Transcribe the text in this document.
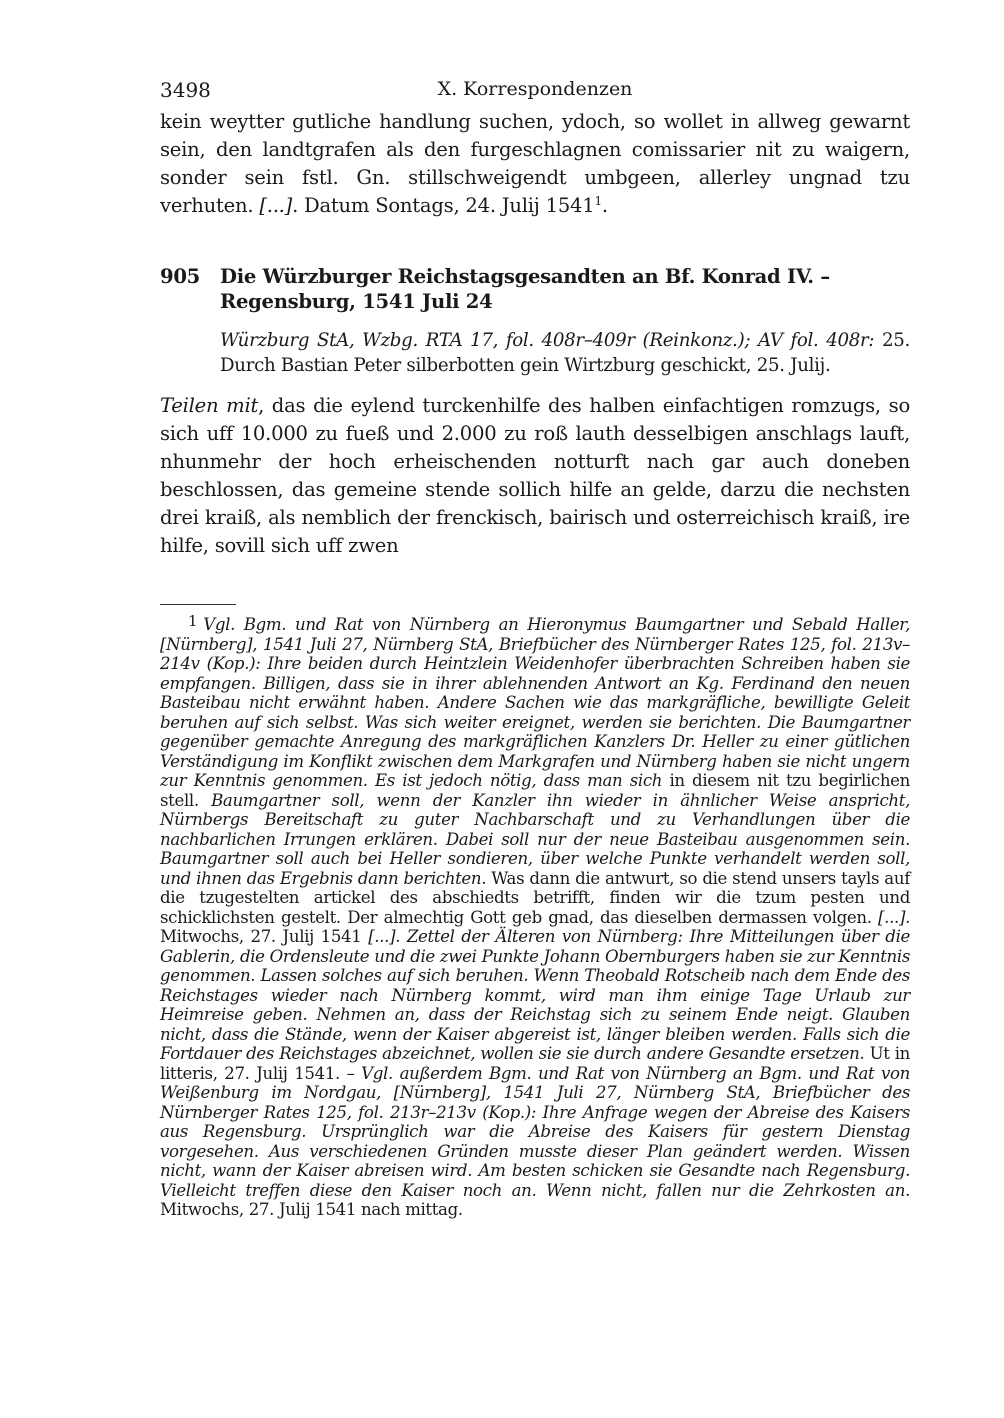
3498	X. Korrespondenzen

kein weytter gutliche handlung suchen, ydoch, so wollet in allweg gewarnt sein, den landtgrafen als den furgeschlagnen comissarier nit zu waigern, sonder sein fstl. Gn. stillschweigendt umbgeen, allerley ungnad tzu verhuten. [...]. Datum Sontags, 24. Julij 1541$^1$.

905 Die Würzburger Reichstagsgesandten an Bf. Konrad IV. – Regensburg, 1541 Juli 24

Würzburg StA, Wzbg. RTA 17, fol. 408r–409r (Reinkonz.); AV fol. 408r: 25. Durch Bastian Peter silberbotten gein Wirtzburg geschickt, 25. Julij.

Teilen mit, das die eylend turckenhilfe des halben einfachtigen romzugs, so sich uff 10.000 zu fueß und 2.000 zu roß lauth desselbigen anschlags lauft, nhunmehr der hoch erheischenden notturft nach gar auch doneben beschlossen, das gemeine stende sollich hilfe an gelde, darzu die nechsten drei kraiß, als nemblich der frenckisch, bairisch und osterreichisch kraiß, ire hilfe, sovill sich uff zwen

1 Vgl. Bgm. und Rat von Nürnberg an Hieronymus Baumgartner und Sebald Haller, [Nürnberg], 1541 Juli 27, Nürnberg StA, Briefbücher des Nürnberger Rates 125, fol. 213v–214v (Kop.): Ihre beiden durch Heintzlein Weidenhofer überbrachten Schreiben haben sie empfangen. Billigen, dass sie in ihrer ablehnenden Antwort an Kg. Ferdinand den neuen Basteibau nicht erwähnt haben. Andere Sachen wie das markgräfliche, bewilligte Geleit beruhen auf sich selbst. Was sich weiter ereignet, werden sie berichten. Die Baumgartner gegenüber gemachte Anregung des markgräflichen Kanzlers Dr. Heller zu einer gütlichen Verständigung im Konflikt zwischen dem Markgrafen und Nürnberg haben sie nicht ungern zur Kenntnis genommen. Es ist jedoch nötig, dass man sich in diesem nit tzu begirlichen stell. Baumgartner soll, wenn der Kanzler ihn wieder in ähnlicher Weise anspricht, Nürnbergs Bereitschaft zu guter Nachbarschaft und zu Verhandlungen über die nachbarlichen Irrungen erklären. Dabei soll nur der neue Basteibau ausgenommen sein. Baumgartner soll auch bei Heller sondieren, über welche Punkte verhandelt werden soll, und ihnen das Ergebnis dann berichten. Was dann die antwurt, so die stend unsers tayls auf die tzugestelten artickel des abschiedts betrifft, finden wir die tzum pesten und schicklichsten gestelt. Der almechtig Gott geb gnad, das dieselben dermassen volgen. [...]. Mitwochs, 27. Julij 1541 [...]. Zettel der Älteren von Nürnberg: Ihre Mitteilungen über die Gablerin, die Ordensleute und die zwei Punkte Johann Obernburgers haben sie zur Kenntnis genommen. Lassen solches auf sich beruhen. Wenn Theobald Rotscheib nach dem Ende des Reichstages wieder nach Nürnberg kommt, wird man ihm einige Tage Urlaub zur Heimreise geben. Nehmen an, dass der Reichstag sich zu seinem Ende neigt. Glauben nicht, dass die Stände, wenn der Kaiser abgereist ist, länger bleiben werden. Falls sich die Fortdauer des Reichstages abzeichnet, wollen sie sie durch andere Gesandte ersetzen. Ut in litteris, 27. Julij 1541. – Vgl. außerdem Bgm. und Rat von Nürnberg an Bgm. und Rat von Weißenburg im Nordgau, [Nürnberg], 1541 Juli 27, Nürnberg StA, Briefbücher des Nürnberger Rates 125, fol. 213r–213v (Kop.): Ihre Anfrage wegen der Abreise des Kaisers aus Regensburg. Ursprünglich war die Abreise des Kaisers für gestern Dienstag vorgesehen. Aus verschiedenen Gründen musste dieser Plan geändert werden. Wissen nicht, wann der Kaiser abreisen wird. Am besten schicken sie Gesandte nach Regensburg. Vielleicht treffen diese den Kaiser noch an. Wenn nicht, fallen nur die Zehrkosten an. Mitwochs, 27. Julij 1541 nach mittag.
